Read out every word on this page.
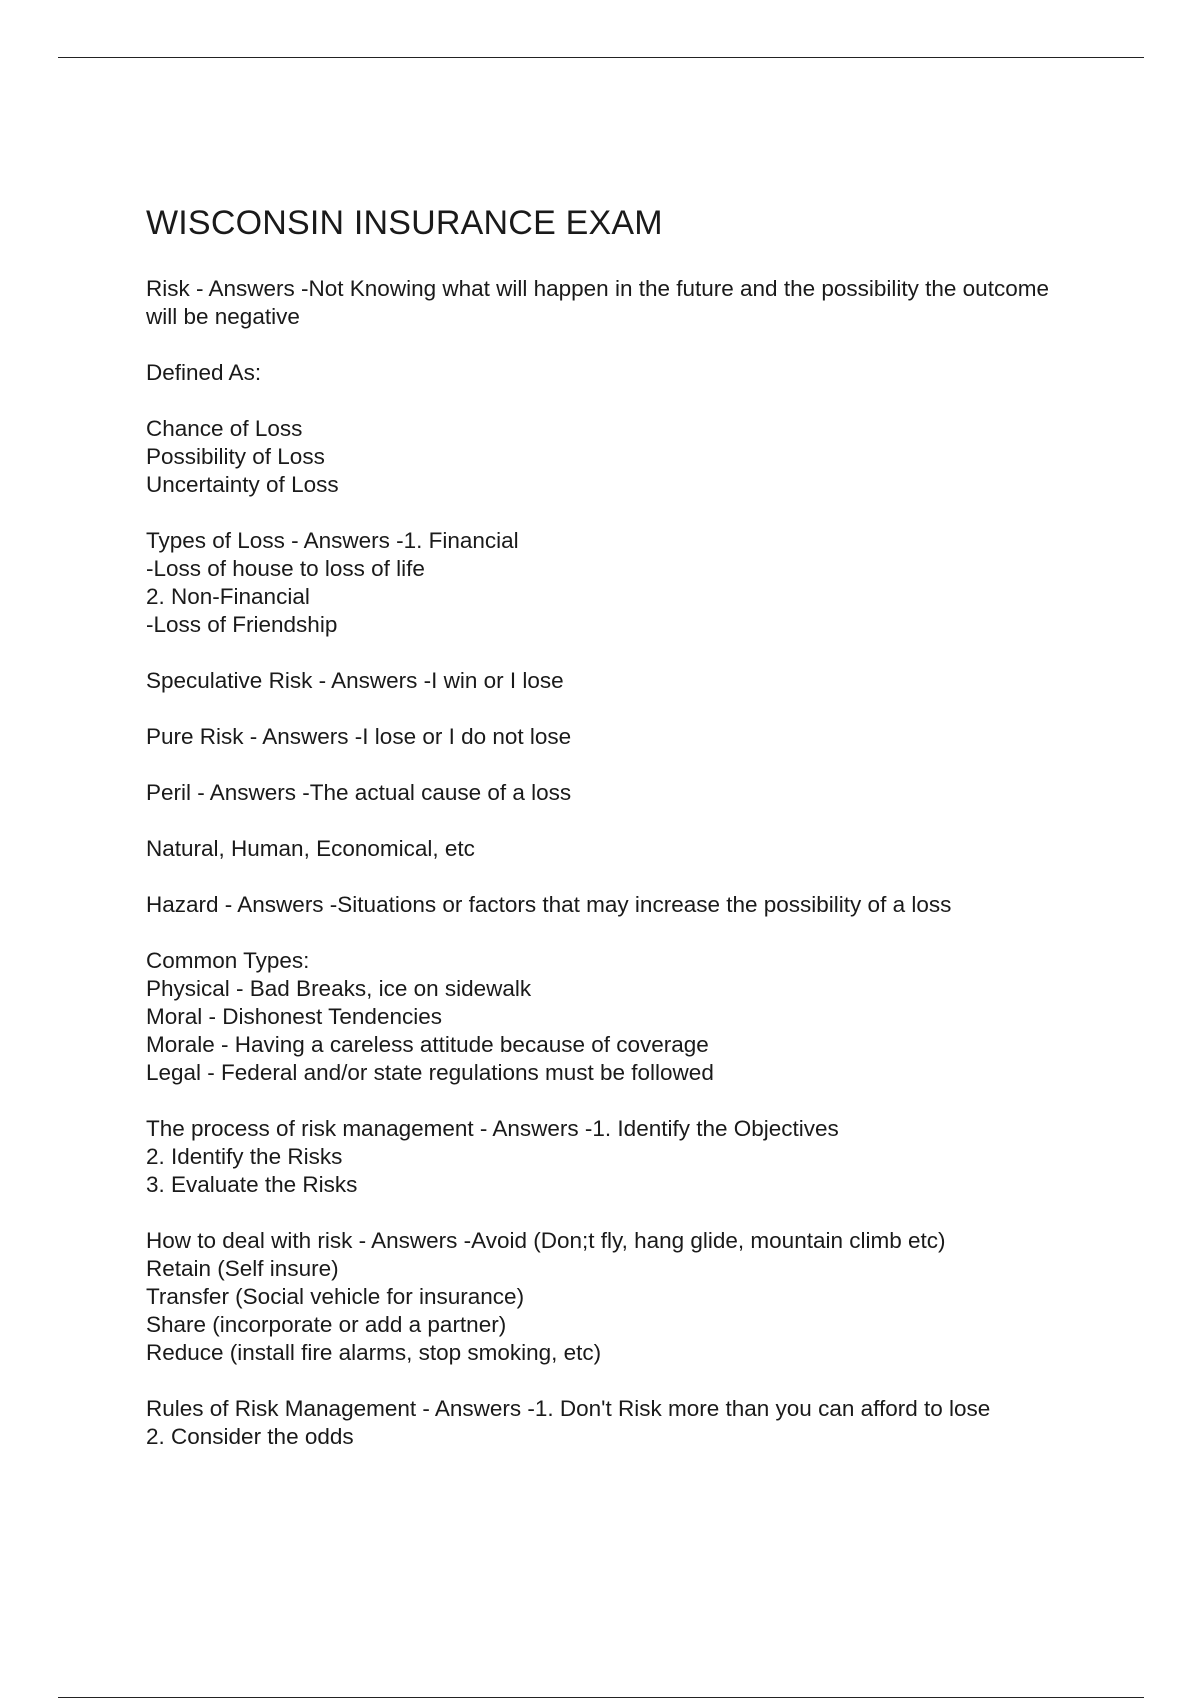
WISCONSIN INSURANCE EXAM

Risk - Answers -Not Knowing what will happen in the future and the possibility the outcome will be negative

Defined As:

Chance of Loss
Possibility of Loss
Uncertainty of Loss

Types of Loss - Answers -1. Financial
-Loss of house to loss of life
2. Non-Financial
-Loss of Friendship

Speculative Risk - Answers -I win or I lose

Pure Risk - Answers -I lose or I do not lose

Peril - Answers -The actual cause of a loss

Natural, Human, Economical, etc

Hazard - Answers -Situations or factors that may increase the possibility of a loss

Common Types:
Physical - Bad Breaks, ice on sidewalk
Moral - Dishonest Tendencies
Morale - Having a careless attitude because of coverage
Legal - Federal and/or state regulations must be followed

The process of risk management - Answers -1. Identify the Objectives
2. Identify the Risks
3. Evaluate the Risks

How to deal with risk - Answers -Avoid (Don;t fly, hang glide, mountain climb etc)
Retain (Self insure)
Transfer (Social vehicle for insurance)
Share (incorporate or add a partner)
Reduce (install fire alarms, stop smoking, etc)

Rules of Risk Management - Answers -1. Don't Risk more than you can afford to lose
2. Consider the odds
